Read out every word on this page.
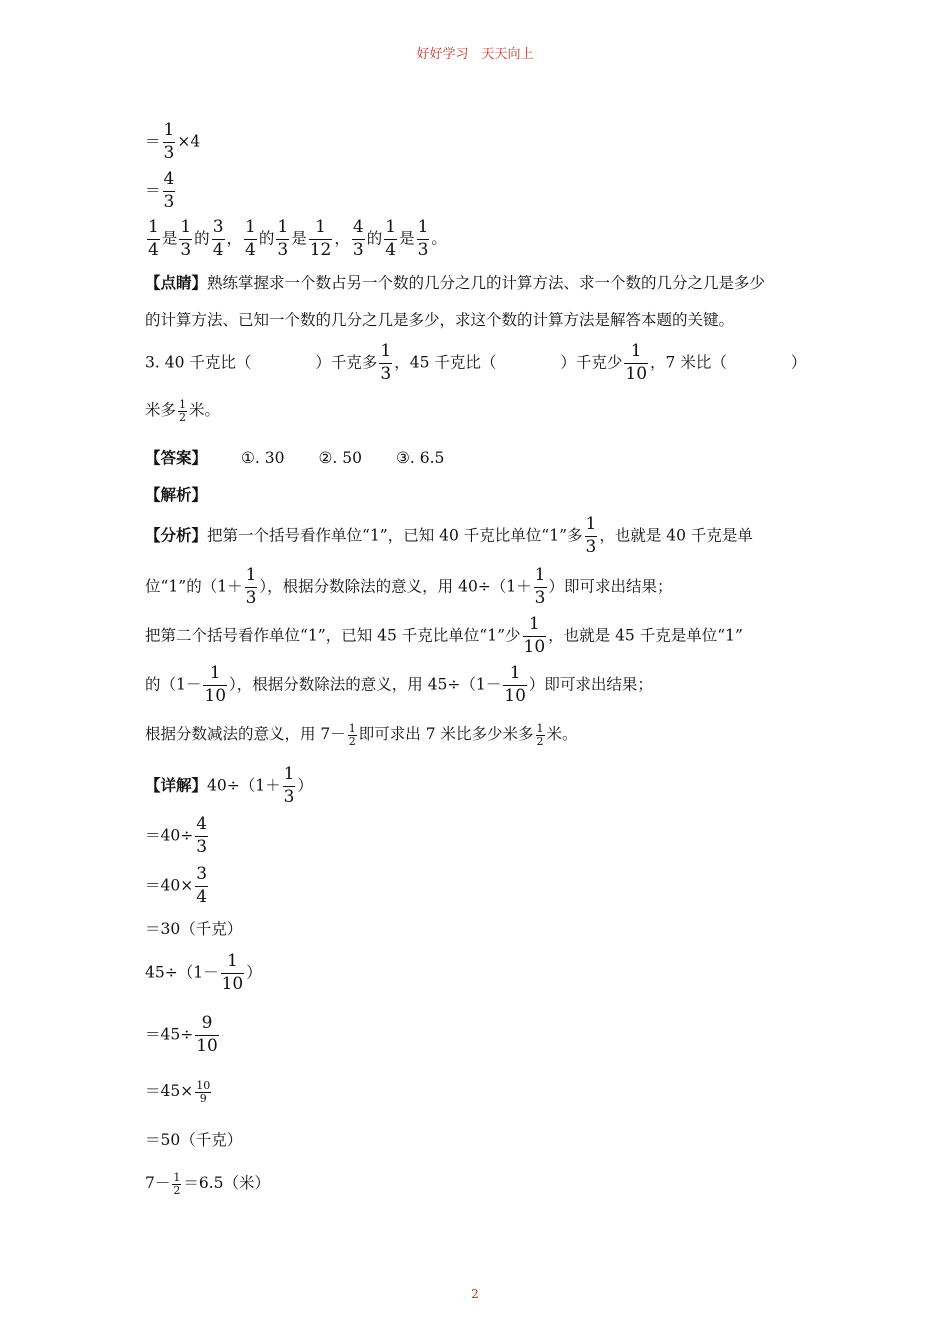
好好学习　天天向上
＝ $\frac{1}{3} \times 4$
＝ $\frac{4}{3}$
$\frac{1}{4}$ 是 $\frac{1}{3}$ 的 $\frac{3}{4}$ ， $\frac{1}{4}$ 的 $\frac{1}{3}$ 是 $\frac{1}{12}$ ， $\frac{4}{3}$ 的 $\frac{1}{4}$ 是 $\frac{1}{3}$ 。
【点睛】熟练掌握求一个数占另一个数的几分之几的计算方法、求一个数的几分之几是多少
的计算方法、已知一个数的几分之几是多少，求这个数的计算方法是解答本题的关键。
3. 40 千克比（	）千克多 $\frac{1}{3}$ ，45 千克比（	）千克少 $\frac{1}{10}$ ，7 米比（	）
米多 $\frac{1}{2}$ 米。
【答案】 ①. 30 ②. 50 ③. 6.5
【解析】
【分析】把第一个括号看作单位“1”，已知 40 千克比单位“1”多 $\frac{1}{3}$ ，也就是 40 千克是单
位“1”的（$1+ \frac{1}{3}$ ），根据分数除法的意义，用 $40\div(1+ \frac{1}{3}$ ）即可求出结果；
把第二个括号看作单位“1”，已知 45 千克比单位“1”少 $\frac{1}{10}$ ，也就是 45 千克是单位“1”
的（$1- \frac{1}{10}$ ），根据分数除法的意义，用 $45\div(1- \frac{1}{10}$ ）即可求出结果；
根据分数减法的意义，用 $7- \frac{1}{2}$ 即可求出 7 米比多少米多 $\frac{1}{2}$ 米。
【详解】$40\div(1+ \frac{1}{3}$ ）
$=40\div \frac{4}{3}$
$=40\times \frac{3}{4}$
＝30（千克）
$45\div(1- \frac{1}{10}$ ）
$=45\div \frac{9}{10}$
$=45\times \frac{10}{9}$
＝50（千克）
$7- \frac{1}{2} =6.5$（米）
2
